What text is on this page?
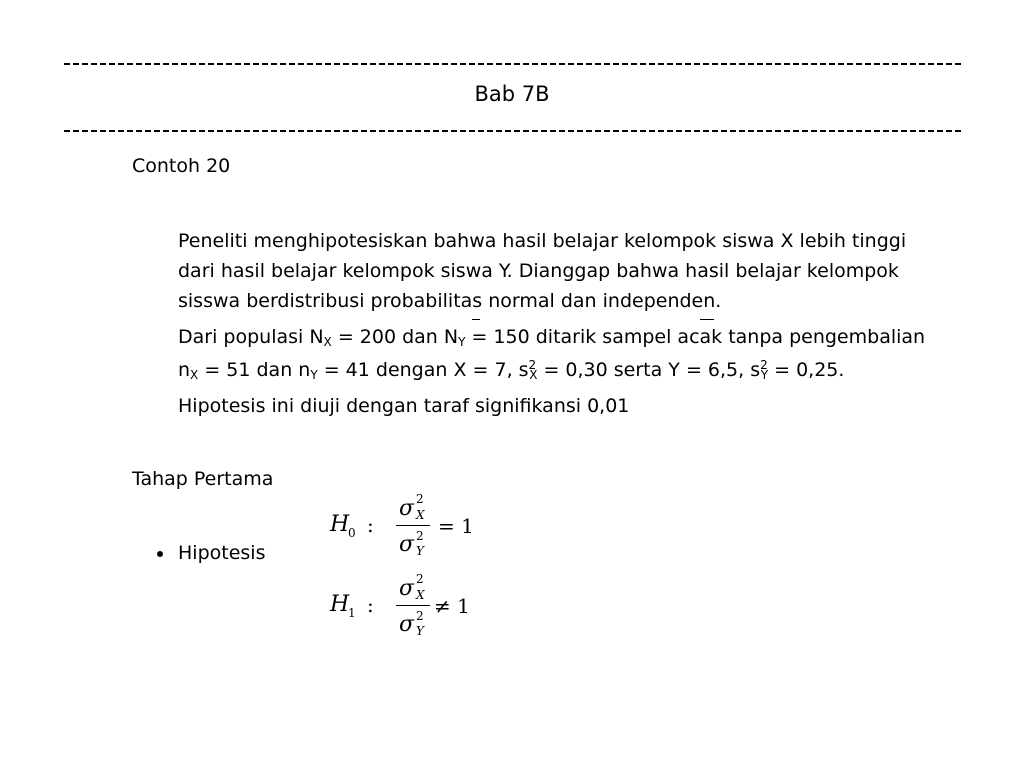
Bab 7B
Contoh 20
Peneliti menghipotesiskan bahwa hasil belajar kelompok siswa X lebih tinggi
dari hasil belajar kelompok siswa Y. Dianggap bahwa hasil belajar kelompok
sisswa berdistribusi probabilitas normal dan independen.
Dari populasi $N_X = 200$ dan $N_Y = 150$ ditarik sampel acak tanpa pengembalian
$n_X = 51$ dan $n_Y = 41$ dengan X = 7, $s^2_X = 0,30$ serta Y = 6,5, $s^2_Y = 0,25$.
Hipotesis ini diuji dengan taraf signifikansi 0,01
Tahap Pertama
Hipotesis
H
0 :
σ 2
X
σ 2
Y
= 1
H
1 :
σ 2
X
σ 2
Y
≠ 1
